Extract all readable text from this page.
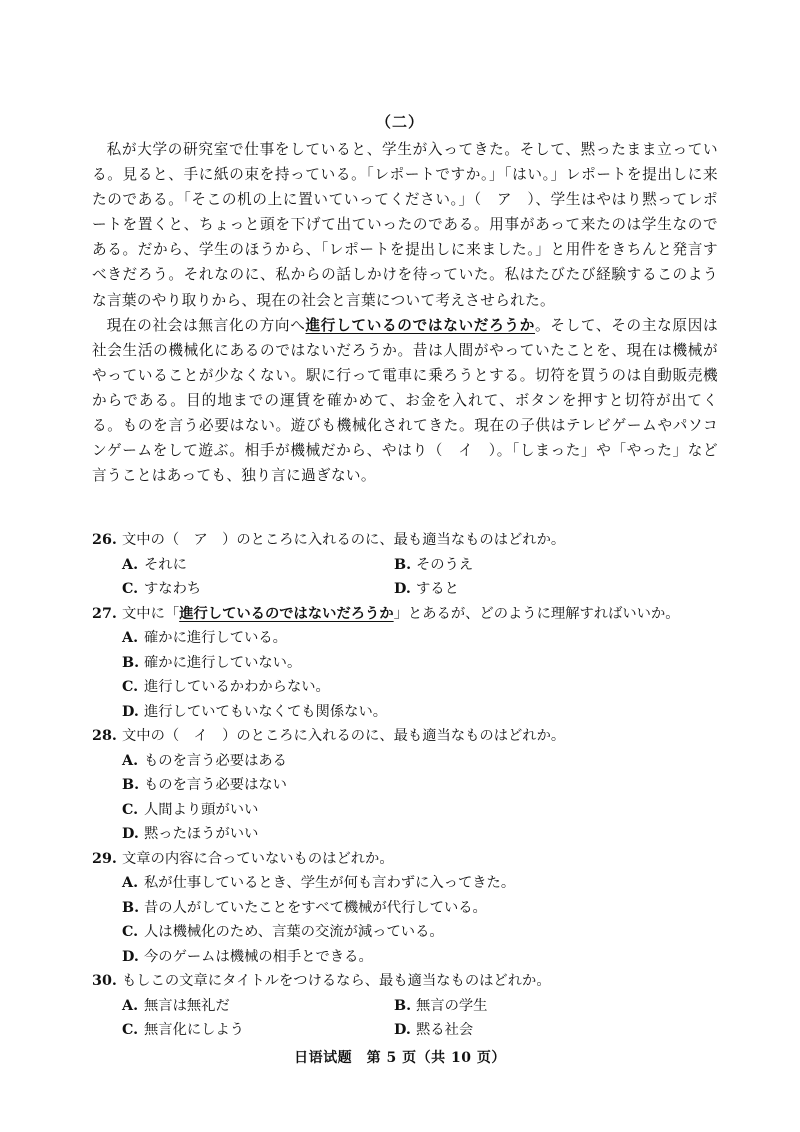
（二）

私が大学の研究室で仕事をしていると、学生が入ってきた。そして、黙ったまま立っている。見ると、手に紙の束を持っている。「レポートですか。」「はい。」レポートを提出しに来たのである。「そこの机の上に置いていってください。」（　ア　）、学生はやはり黙ってレポートを置くと、ちょっと頭を下げて出ていったのである。用事があって来たのは学生なのである。だから、学生のほうから、「レポートを提出しに来ました。」と用件をきちんと発言すべきだろう。それなのに、私からの話しかけを待っていた。私はたびたび経験するこのような言葉のやり取りから、現在の社会と言葉について考えさせられた。

現在の社会は無言化の方向へ進行しているのではないだろうか。そして、その主な原因は社会生活の機械化にあるのではないだろうか。昔は人間がやっていたことを、現在は機械がやっていることが少なくない。駅に行って電車に乗ろうとする。切符を買うのは自動販売機からである。目的地までの運賃を確かめて、お金を入れて、ボタンを押すと切符が出てくる。ものを言う必要はない。遊びも機械化されてきた。現在の子供はテレビゲームやパソコンゲームをして遊ぶ。相手が機械だから、やはり（　イ　）。「しまった」や「やった」など言うことはあっても、独り言に過ぎない。

26. 文中の（　ア　）のところに入れるのに、最も適当なものはどれか。
A. それに	B. そのうえ
C. すなわち	D. すると
27. 文中に「進行しているのではないだろうか」とあるが、どのように理解すればいいか。
A. 確かに進行している。
B. 確かに進行していない。
C. 進行しているかわからない。
D. 進行していてもいなくても関係ない。
28. 文中の（　イ　）のところに入れるのに、最も適当なものはどれか。
A. ものを言う必要はある
B. ものを言う必要はない
C. 人間より頭がいい
D. 黙ったほうがいい
29. 文章の内容に合っていないものはどれか。
A. 私が仕事しているとき、学生が何も言わずに入ってきた。
B. 昔の人がしていたことをすべて機械が代行している。
C. 人は機械化のため、言葉の交流が減っている。
D. 今のゲームは機械の相手とできる。
30. もしこの文章にタイトルをつけるなら、最も適当なものはどれか。
A. 無言は無礼だ	B. 無言の学生
C. 無言化にしよう	D. 黙る社会
日语试题　第 5 页（共 10 页）
